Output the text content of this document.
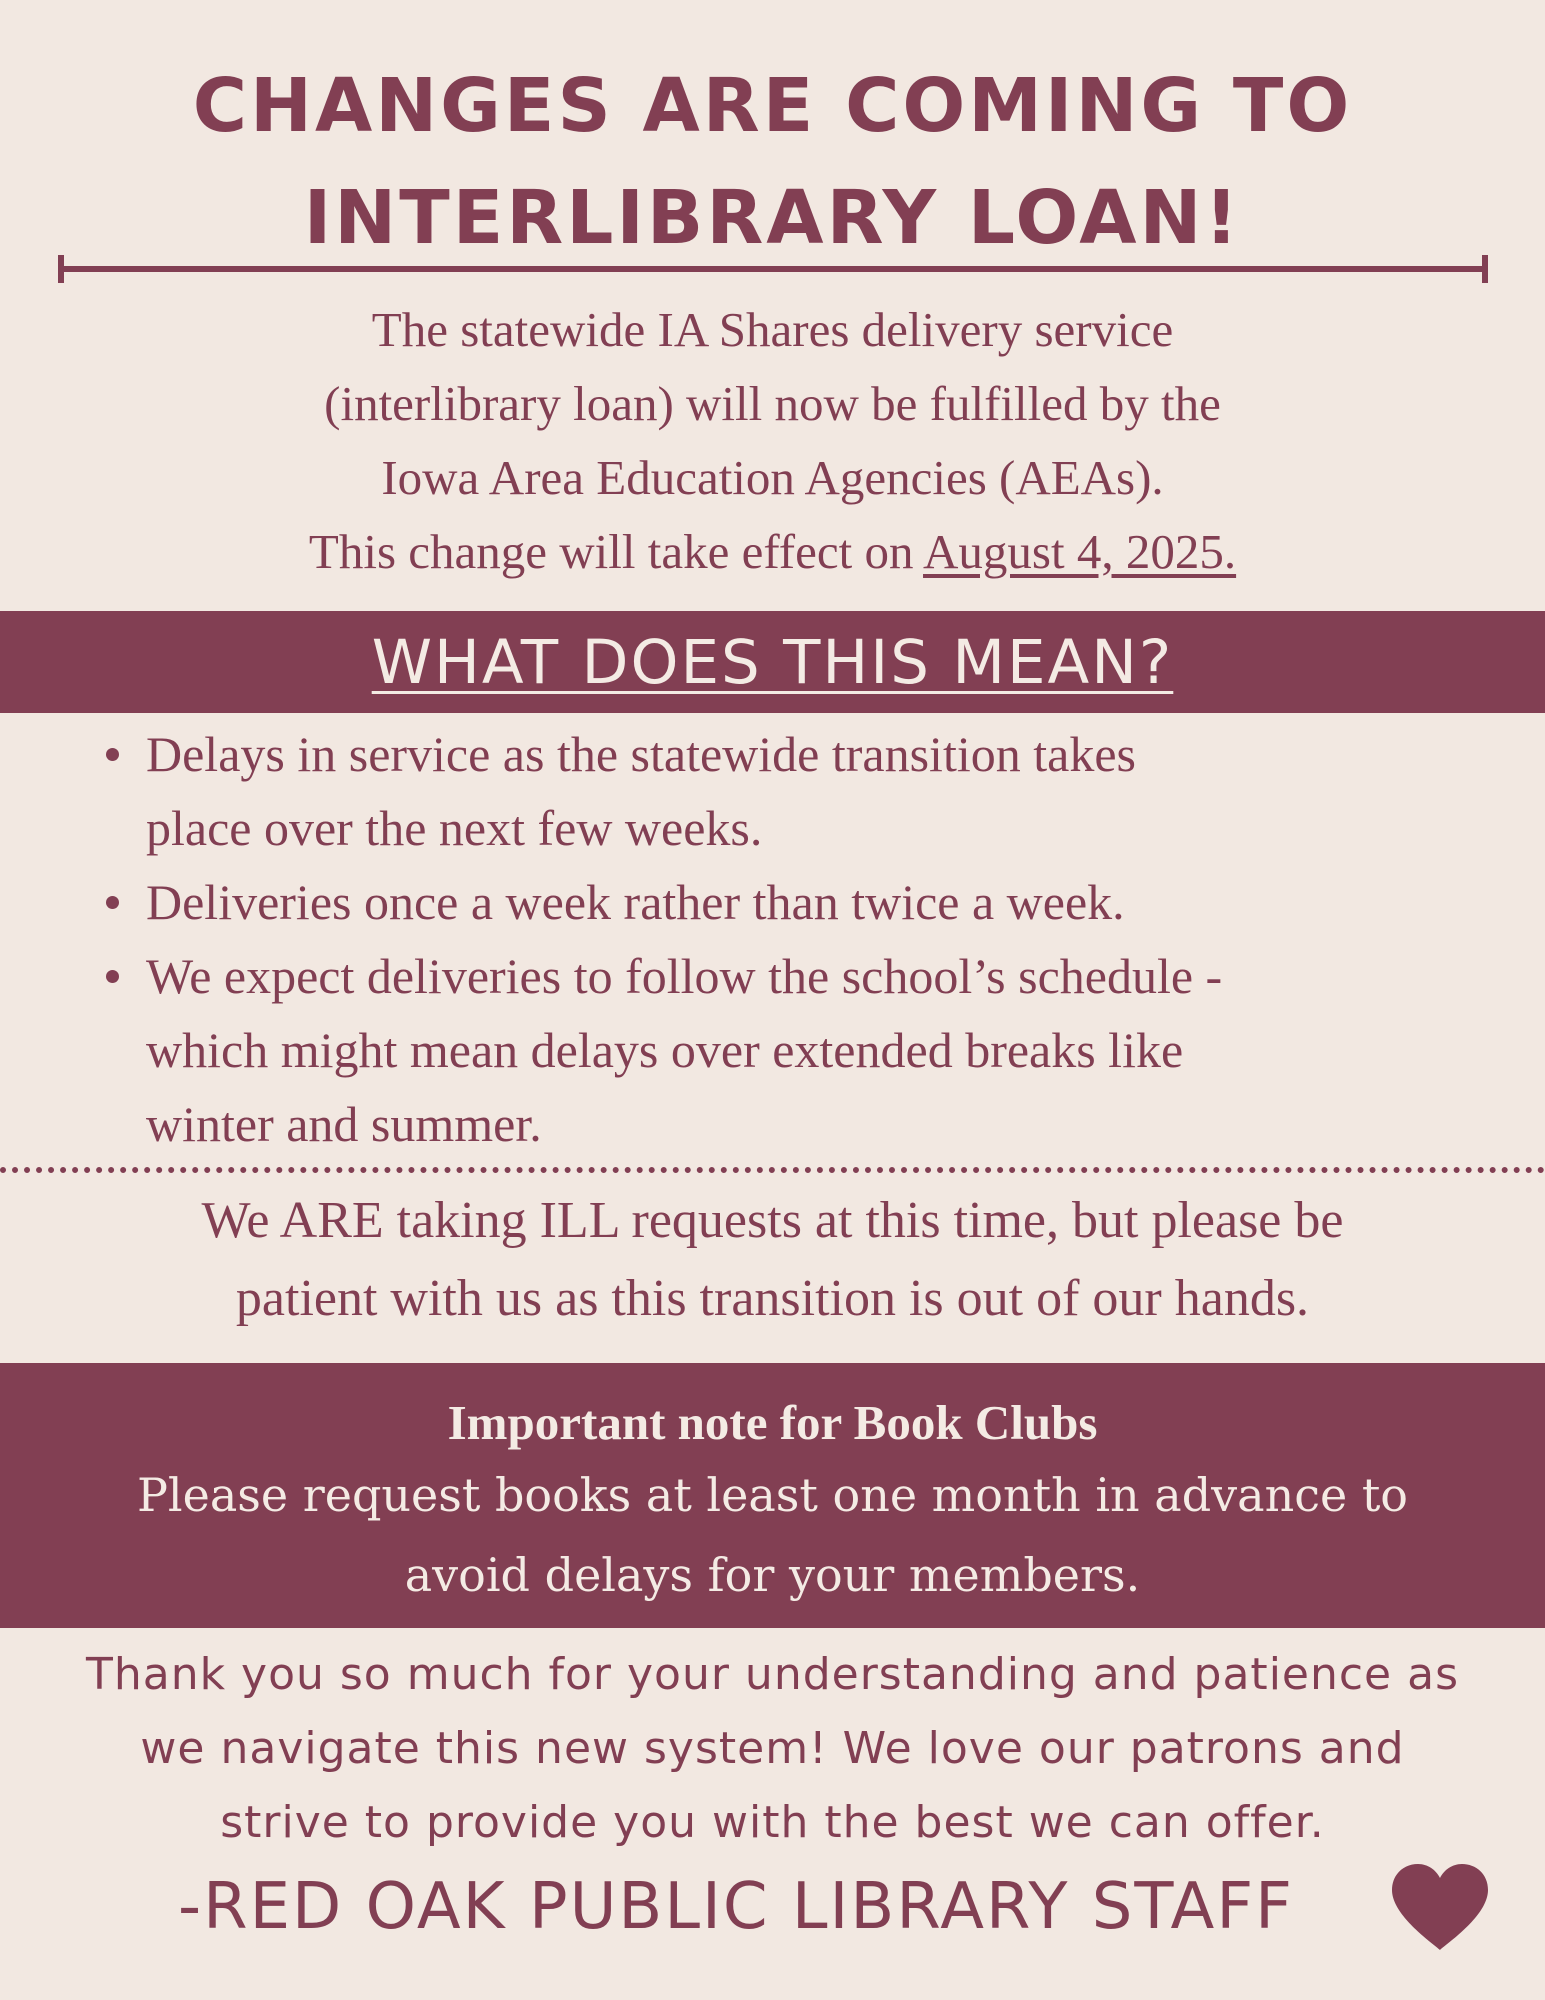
CHANGES ARE COMING TO
INTERLIBRARY LOAN!
The statewide IA Shares delivery service
(interlibrary loan) will now be fulfilled by the
Iowa Area Education Agencies (AEAs).
This change will take effect on August 4, 2025.
WHAT DOES THIS MEAN?
Delays in service as the statewide transition takes
place over the next few weeks.
Deliveries once a week rather than twice a week.
We expect deliveries to follow the school’s schedule -
which might mean delays over extended breaks like
winter and summer.
We ARE taking ILL requests at this time, but please be
patient with us as this transition is out of our hands.
Important note for Book Clubs
Please request books at least one month in advance to
avoid delays for your members.
Thank you so much for your understanding and patience as
we navigate this new system! We love our patrons and
strive to provide you with the best we can offer.
-RED OAK PUBLIC LIBRARY STAFF
